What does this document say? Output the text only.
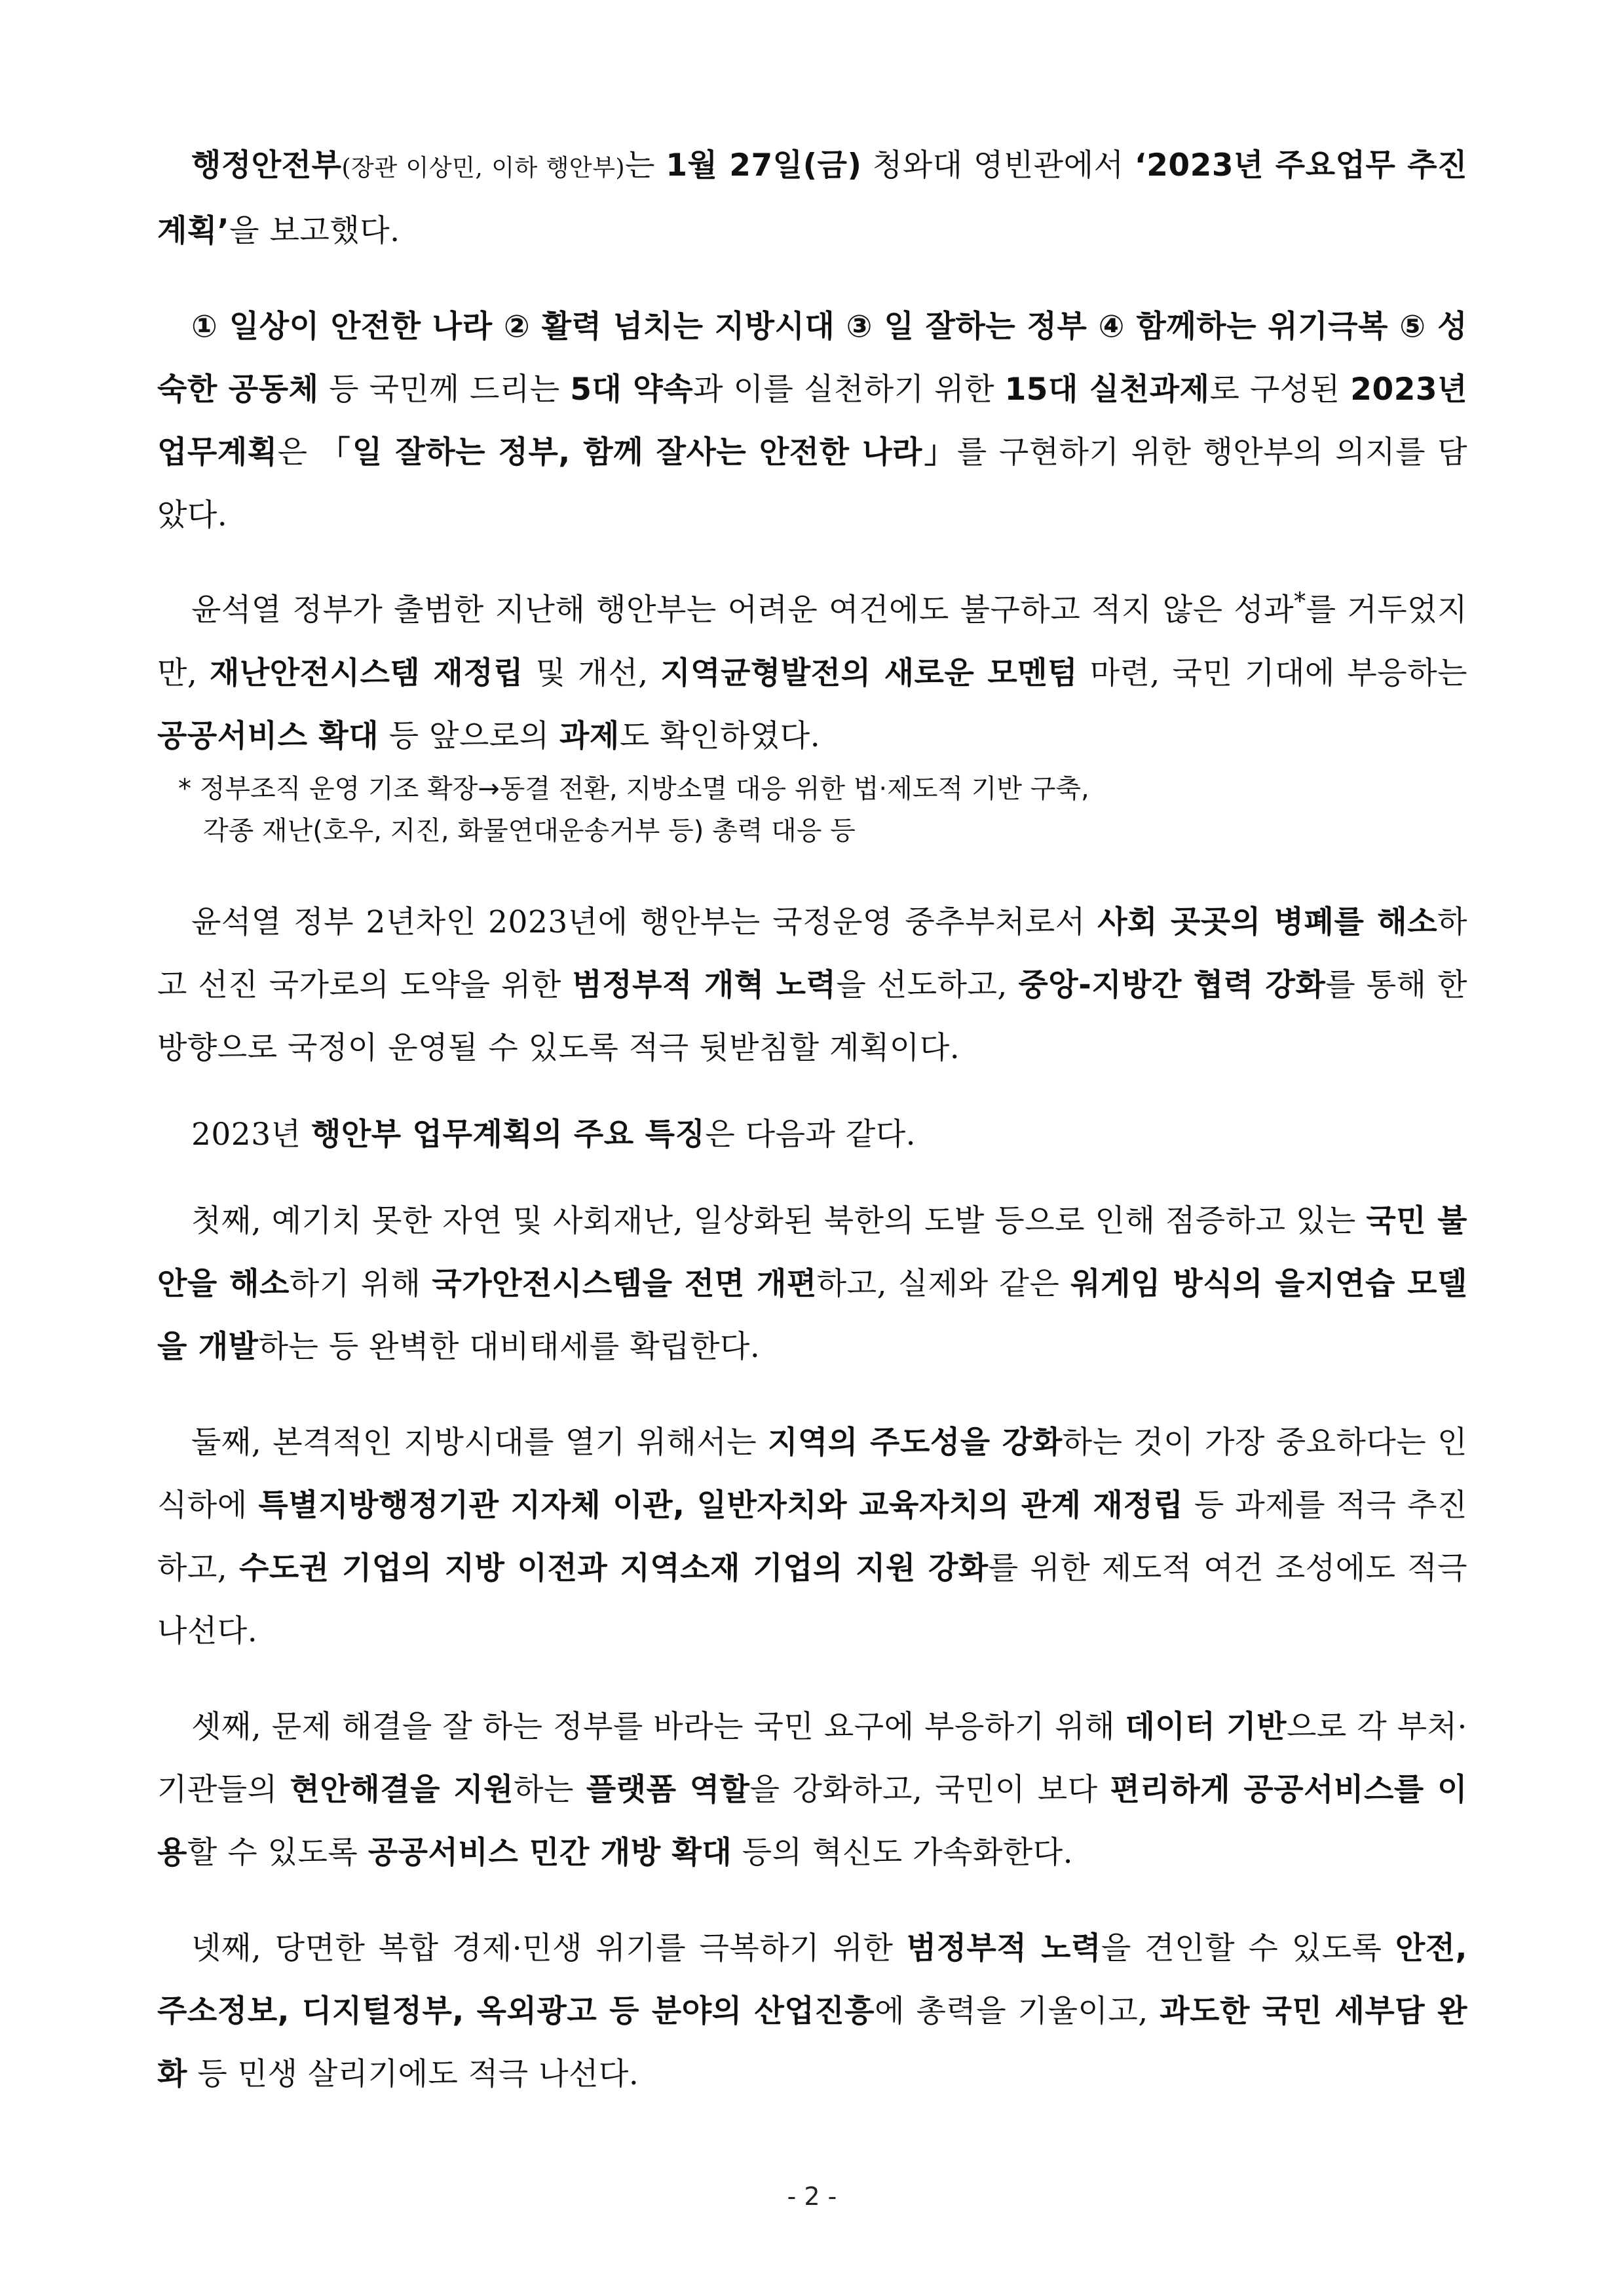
행정안전부(장관 이상민, 이하 행안부)는 1월 27일(금) 청와대 영빈관에서 ‘2023년 주요업무 추진계획’을 보고했다.

① 일상이 안전한 나라 ② 활력 넘치는 지방시대 ③ 일 잘하는 정부 ④ 함께하는 위기극복 ⑤ 성숙한 공동체 등 국민께 드리는 5대 약속과 이를 실천하기 위한 15대 실천과제로 구성된 2023년 업무계획은 「일 잘하는 정부, 함께 잘사는 안전한 나라」를 구현하기 위한 행안부의 의지를 담았다.

윤석열 정부가 출범한 지난해 행안부는 어려운 여건에도 불구하고 적지 않은 성과*를 거두었지만, 재난안전시스템 재정립 및 개선, 지역균형발전의 새로운 모멘텀 마련, 국민 기대에 부응하는 공공서비스 확대 등 앞으로의 과제도 확인하였다.

* 정부조직 운영 기조 확장→동결 전환, 지방소멸 대응 위한 법·제도적 기반 구축,
각종 재난(호우, 지진, 화물연대운송거부 등) 총력 대응 등

윤석열 정부 2년차인 2023년에 행안부는 국정운영 중추부처로서 사회 곳곳의 병폐를 해소하고 선진 국가로의 도약을 위한 범정부적 개혁 노력을 선도하고, 중앙-지방간 협력 강화를 통해 한 방향으로 국정이 운영될 수 있도록 적극 뒷받침할 계획이다.

2023년 행안부 업무계획의 주요 특징은 다음과 같다.

첫째, 예기치 못한 자연 및 사회재난, 일상화된 북한의 도발 등으로 인해 점증하고 있는 국민 불안을 해소하기 위해 국가안전시스템을 전면 개편하고, 실제와 같은 워게임 방식의 을지연습 모델을 개발하는 등 완벽한 대비태세를 확립한다.

둘째, 본격적인 지방시대를 열기 위해서는 지역의 주도성을 강화하는 것이 가장 중요하다는 인식하에 특별지방행정기관 지자체 이관, 일반자치와 교육자치의 관계 재정립 등 과제를 적극 추진하고, 수도권 기업의 지방 이전과 지역소재 기업의 지원 강화를 위한 제도적 여건 조성에도 적극 나선다.

셋째, 문제 해결을 잘 하는 정부를 바라는 국민 요구에 부응하기 위해 데이터 기반으로 각 부처·기관들의 현안해결을 지원하는 플랫폼 역할을 강화하고, 국민이 보다 편리하게 공공서비스를 이용할 수 있도록 공공서비스 민간 개방 확대 등의 혁신도 가속화한다.

넷째, 당면한 복합 경제·민생 위기를 극복하기 위한 범정부적 노력을 견인할 수 있도록 안전, 주소정보, 디지털정부, 옥외광고 등 분야의 산업진흥에 총력을 기울이고, 과도한 국민 세부담 완화 등 민생 살리기에도 적극 나선다.

- 2 -
